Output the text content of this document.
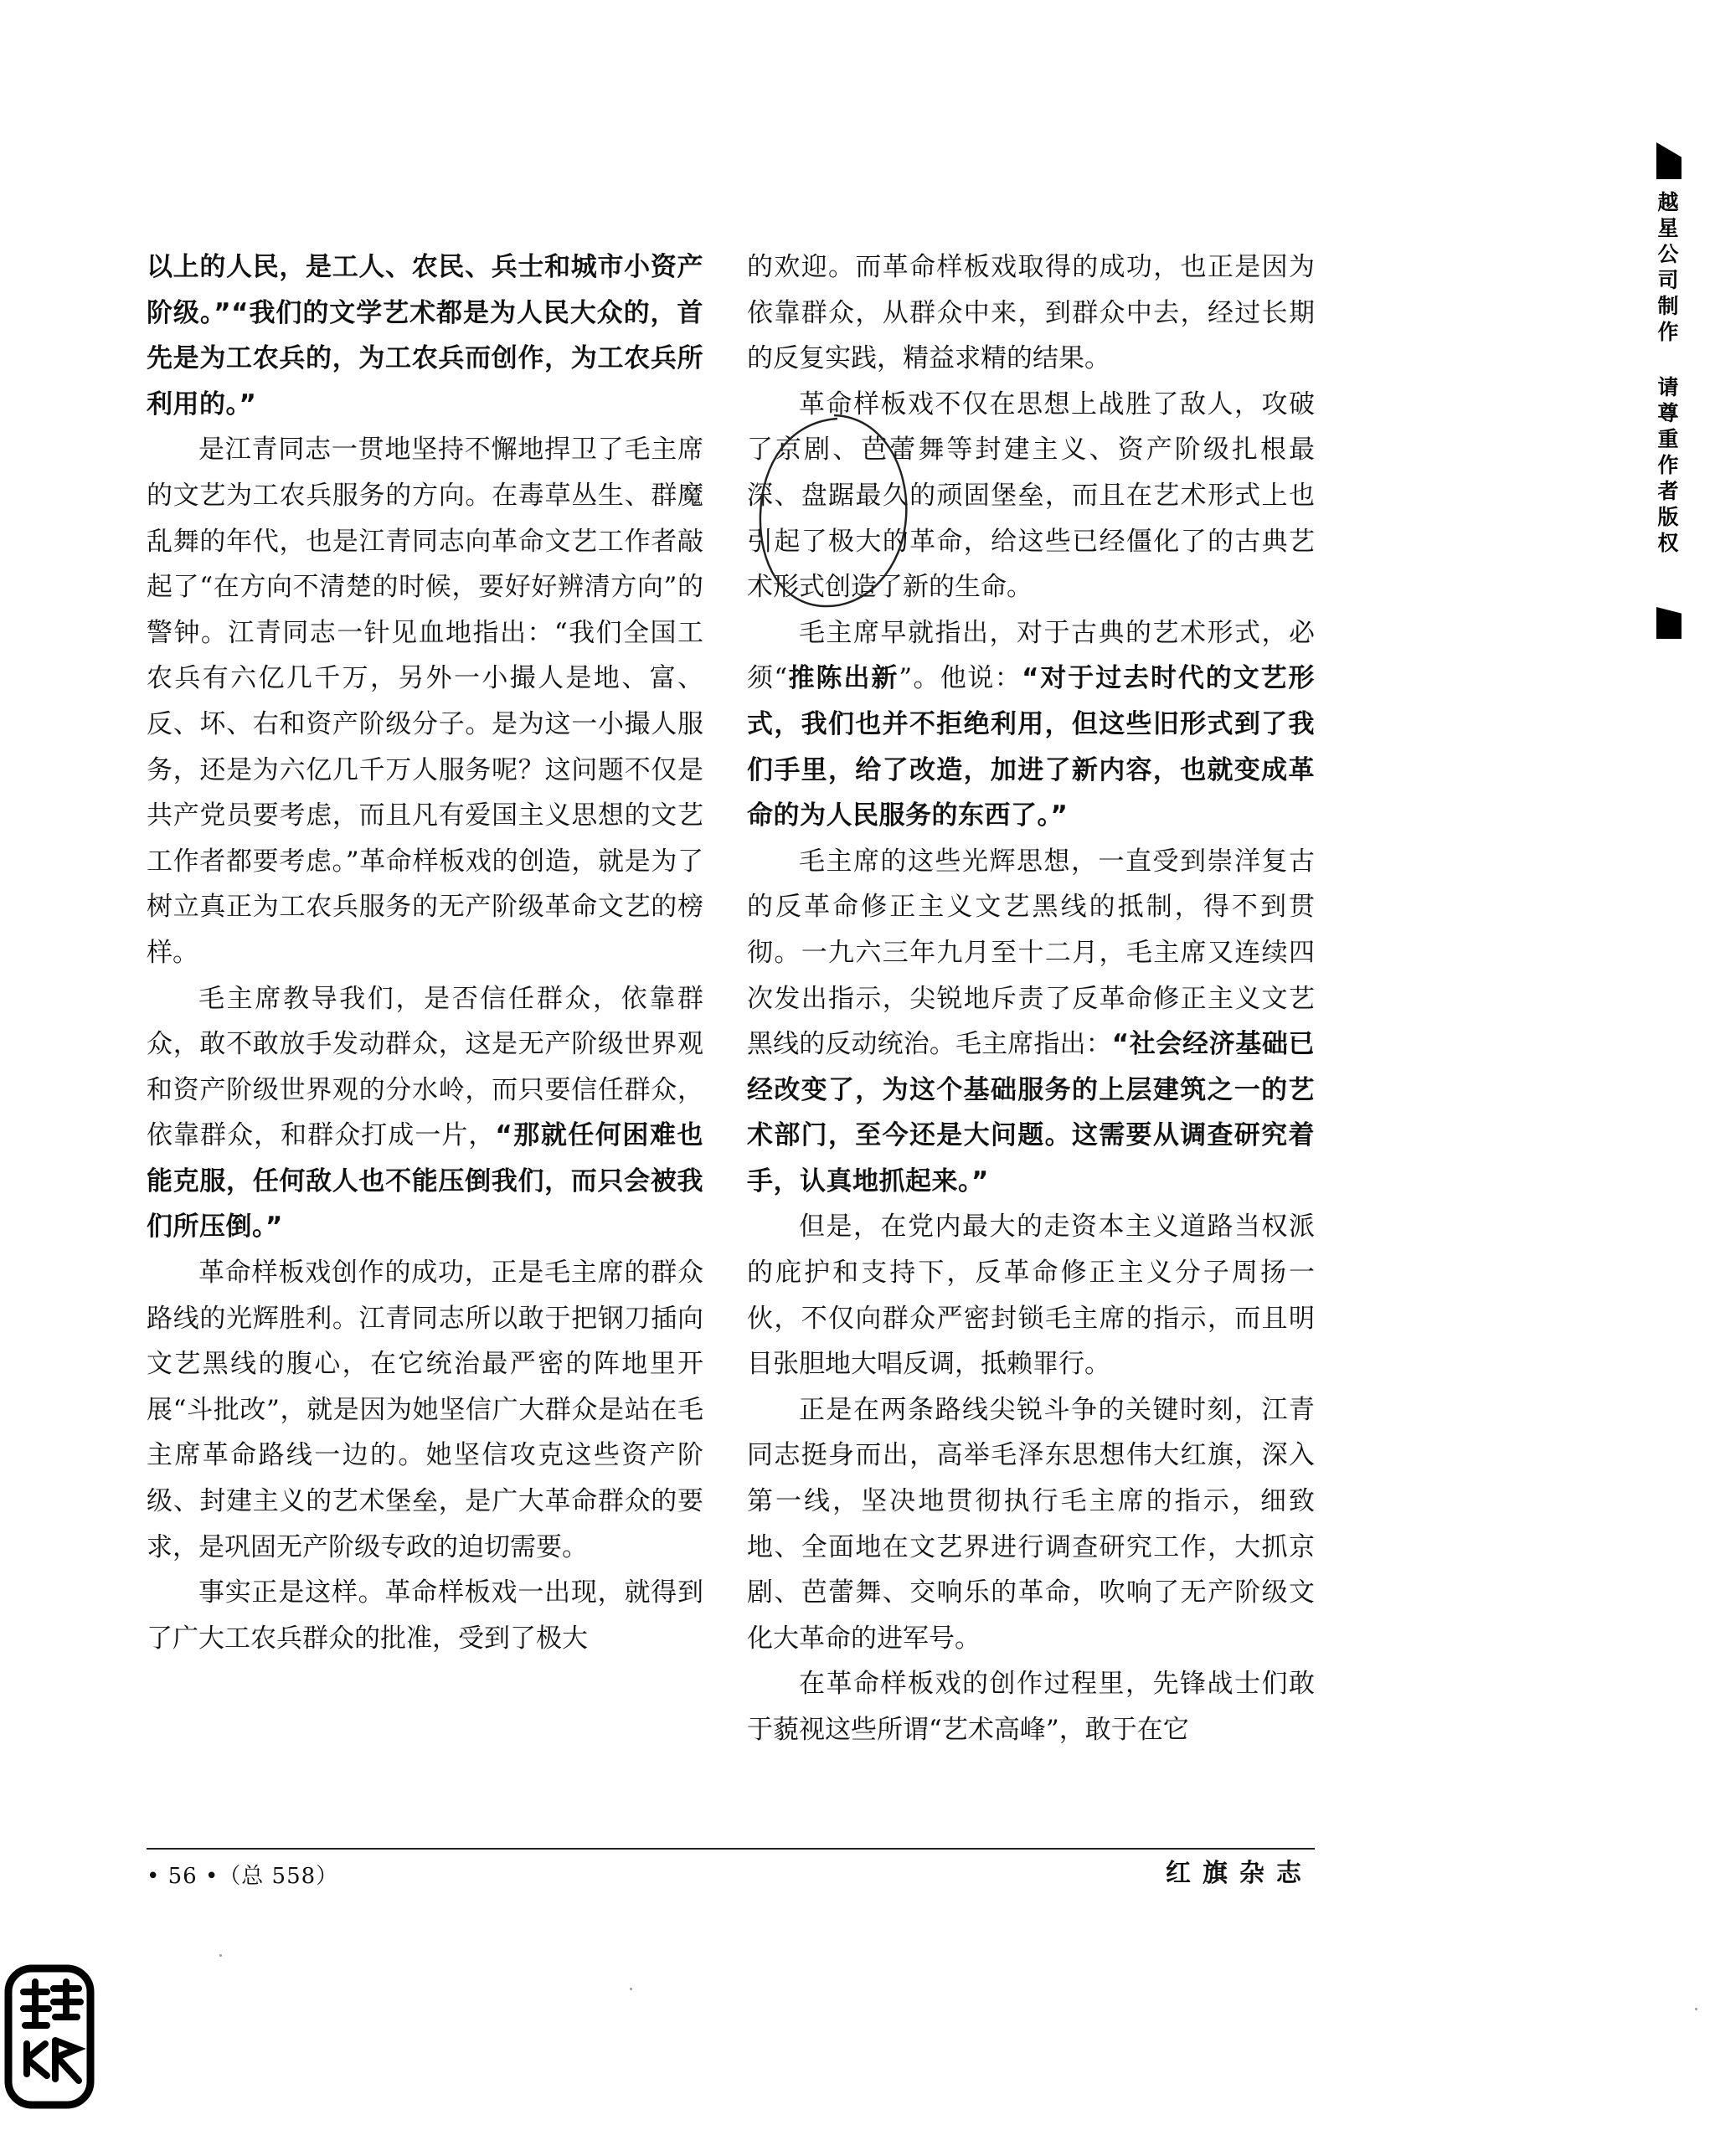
以上的人民，是工人、农民、兵士和城市小资产阶级。”“我们的文学艺术都是为人民大众的，首先是为工农兵的，为工农兵而创作，为工农兵所利用的。”

是江青同志一贯地坚持不懈地捍卫了毛主席的文艺为工农兵服务的方向。在毒草丛生、群魔乱舞的年代，也是江青同志向革命文艺工作者敲起了“在方向不清楚的时候，要好好辨清方向”的警钟。江青同志一针见血地指出：“我们全国工农兵有六亿几千万，另外一小撮人是地、富、反、坏、右和资产阶级分子。是为这一小撮人服务，还是为六亿几千万人服务呢？这问题不仅是共产党员要考虑，而且凡有爱国主义思想的文艺工作者都要考虑。”革命样板戏的创造，就是为了树立真正为工农兵服务的无产阶级革命文艺的榜样。

毛主席教导我们，是否信任群众，依靠群众，敢不敢放手发动群众，这是无产阶级世界观和资产阶级世界观的分水岭，而只要信任群众，依靠群众，和群众打成一片，“那就任何困难也能克服，任何敌人也不能压倒我们，而只会被我们所压倒。”

革命样板戏创作的成功，正是毛主席的群众路线的光辉胜利。江青同志所以敢于把钢刀插向文艺黑线的腹心，在它统治最严密的阵地里开展“斗批改”，就是因为她坚信广大群众是站在毛主席革命路线一边的。她坚信攻克这些资产阶级、封建主义的艺术堡垒，是广大革命群众的要求，是巩固无产阶级专政的迫切需要。

事实正是这样。革命样板戏一出现，就得到了广大工农兵群众的批准，受到了极大

的欢迎。而革命样板戏取得的成功，也正是因为依靠群众，从群众中来，到群众中去，经过长期的反复实践，精益求精的结果。

革命样板戏不仅在思想上战胜了敌人，攻破了京剧、芭蕾舞等封建主义、资产阶级扎根最深、盘踞最久的顽固堡垒，而且在艺术形式上也引起了极大的革命，给这些已经僵化了的古典艺术形式创造了新的生命。

毛主席早就指出，对于古典的艺术形式，必须“推陈出新”。他说：“对于过去时代的文艺形式，我们也并不拒绝利用，但这些旧形式到了我们手里，给了改造，加进了新内容，也就变成革命的为人民服务的东西了。”

毛主席的这些光辉思想，一直受到崇洋复古的反革命修正主义文艺黑线的抵制，得不到贯彻。一九六三年九月至十二月，毛主席又连续四次发出指示，尖锐地斥责了反革命修正主义文艺黑线的反动统治。毛主席指出：“社会经济基础已经改变了，为这个基础服务的上层建筑之一的艺术部门，至今还是大问题。这需要从调查研究着手，认真地抓起来。”

但是，在党内最大的走资本主义道路当权派的庇护和支持下，反革命修正主义分子周扬一伙，不仅向群众严密封锁毛主席的指示，而且明目张胆地大唱反调，抵赖罪行。

正是在两条路线尖锐斗争的关键时刻，江青同志挺身而出，高举毛泽东思想伟大红旗，深入第一线，坚决地贯彻执行毛主席的指示，细致地、全面地在文艺界进行调查研究工作，大抓京剧、芭蕾舞、交响乐的革命，吹响了无产阶级文化大革命的进军号。

在革命样板戏的创作过程里，先锋战士们敢于藐视这些所谓“艺术高峰”，敢于在它

• 56 •（总 558）	红旗杂志
越星公司制作 请尊重作者版权
